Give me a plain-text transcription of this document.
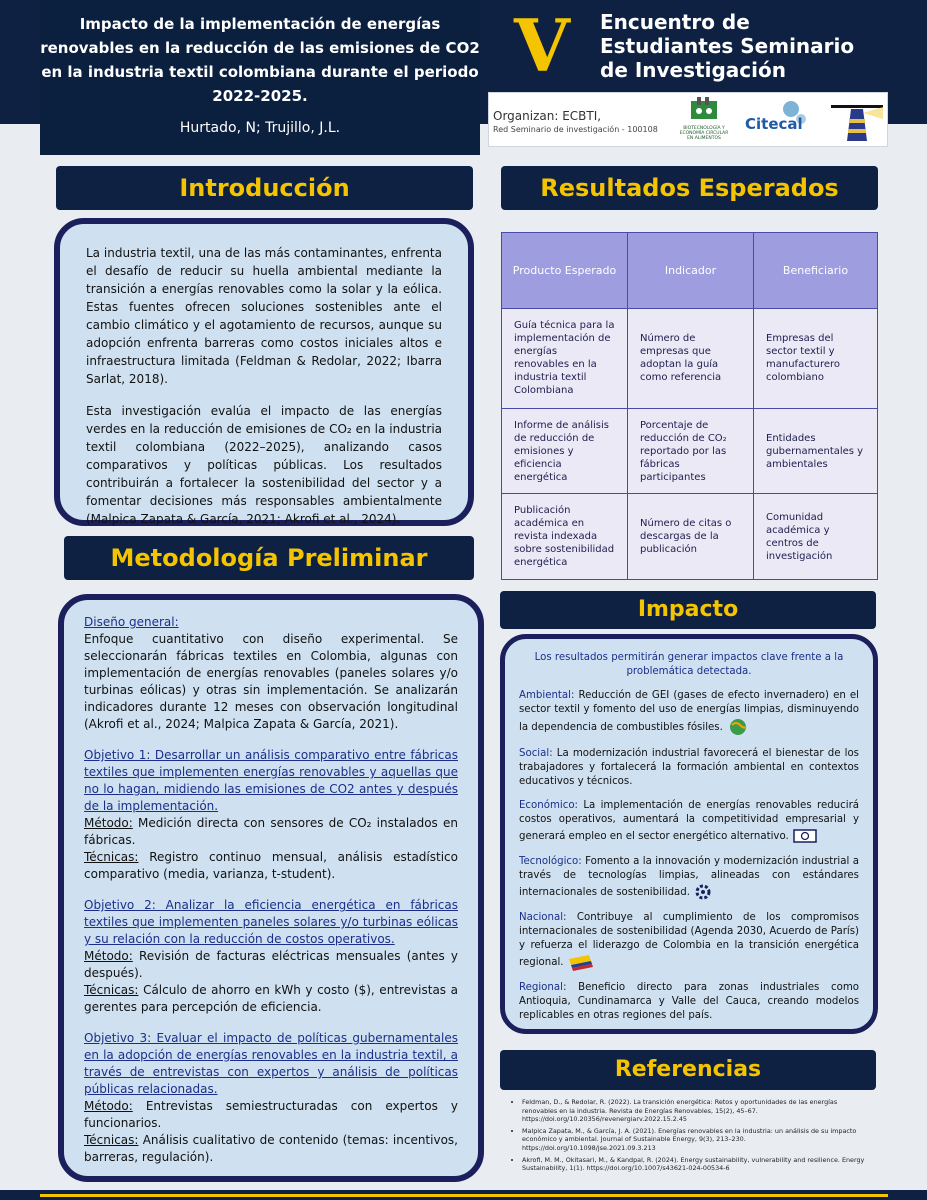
Impacto de la implementación de energías renovables en la reducción de las emisiones de CO2 en la industria textil colombiana durante el periodo 2022-2025.
Hurtado, N; Trujillo, J.L.
V Encuentro de
Estudiantes Seminario
de Investigación
Organizan: ECBTI,
Red Seminario de investigación - 100108	BIOTECNOLOGÍA Y
ECONOMÍA CIRCULAR
EN ALIMENTOS
Citecal
Introducción

La industria textil, una de las más contaminantes, enfrenta el desafío de reducir su huella ambiental mediante la transición a energías renovables como la solar y la eólica. Estas fuentes ofrecen soluciones sostenibles ante el cambio climático y el agotamiento de recursos, aunque su adopción enfrenta barreras como costos iniciales altos e infraestructura limitada (Feldman & Redolar, 2022; Ibarra Sarlat, 2018).

Esta investigación evalúa el impacto de las energías verdes en la reducción de emisiones de CO₂ en la industria textil colombiana (2022–2025), analizando casos comparativos y políticas públicas. Los resultados contribuirán a fortalecer la sostenibilidad del sector y a fomentar decisiones más responsables ambientalmente (Malpica Zapata & García, 2021; Akrofi et al., 2024).

Metodología Preliminar
Diseño general:

Enfoque cuantitativo con diseño experimental. Se seleccionarán fábricas textiles en Colombia, algunas con implementación de energías renovables (paneles solares y/o turbinas eólicas) y otras sin implementación. Se analizarán indicadores durante 12 meses con observación longitudinal (Akrofi et al., 2024; Malpica Zapata & García, 2021).

Objetivo 1: Desarrollar un análisis comparativo entre fábricas textiles que implementen energías renovables y aquellas que no lo hagan, midiendo las emisiones de CO2 antes y después de la implementación.
Método: Medición directa con sensores de CO₂ instalados en fábricas.

Técnicas: Registro continuo mensual, análisis estadístico comparativo (media, varianza, t-student).

Objetivo 2: Analizar la eficiencia energética en fábricas textiles que implementen paneles solares y/o turbinas eólicas y su relación con la reducción de costos operativos.
Método: Revisión de facturas eléctricas mensuales (antes y después).

Técnicas: Cálculo de ahorro en kWh y costo ($), entrevistas a gerentes para percepción de eficiencia.

Objetivo 3: Evaluar el impacto de políticas gubernamentales en la adopción de energías renovables en la industria textil, a través de entrevistas con expertos y análisis de políticas públicas relacionadas.
Método: Entrevistas semiestructuradas con expertos y funcionarios.
Técnicas: Análisis cualitativo de contenido (temas: incentivos, barreras, regulación).
Resultados Esperados
Producto Esperado	Indicador	Beneficiario
Guía técnica para la implementación de energías renovables en la industria textil Colombiana	Número de empresas que adoptan la guía como referencia	Empresas del sector textil y manufacturero colombiano
Informe de análisis de reducción de emisiones y eficiencia energética	Porcentaje de reducción de CO₂ reportado por las fábricas participantes	Entidades gubernamentales y ambientales
Publicación académica en revista indexada sobre sostenibilidad energética	Número de citas o descargas de la publicación	Comunidad académica y centros de investigación
Impacto
Los resultados permitirán generar impactos clave frente a la problemática detectada.

Ambiental: Reducción de GEI (gases de efecto invernadero) en el sector textil y fomento del uso de energías limpias, disminuyendo la dependencia de combustibles fósiles.

Social: La modernización industrial favorecerá el bienestar de los trabajadores y fortalecerá la formación ambiental en contextos educativos y técnicos.

Económico: La implementación de energías renovables reducirá costos operativos, aumentará la competitividad empresarial y generará empleo en el sector energético alternativo.

Tecnológico: Fomento a la innovación y modernización industrial a través de tecnologías limpias, alineadas con estándares internacionales de sostenibilidad.

Nacional: Contribuye al cumplimiento de los compromisos internacionales de sostenibilidad (Agenda 2030, Acuerdo de París) y refuerza el liderazgo de Colombia en la transición energética regional.

Regional: Beneficio directo para zonas industriales como Antioquia, Cundinamarca y Valle del Cauca, creando modelos replicables en otras regiones del país.

Referencias
• Feldman, D., & Redolar, R. (2022). La transición energética: Retos y oportunidades de las energías renovables en la industria. Revista de Energías Renovables, 15(2), 45–67. https://doi.org/10.20356/revenergiarv.2022.15.2.45
• Malpica Zapata, M., & García, J. A. (2021). Energías renovables en la industria: un análisis de su impacto económico y ambiental. Journal of Sustainable Energy, 9(3), 213–230. https://doi.org/10.1098/jse.2021.09.3.213
• Akrofi, M. M., Okitasari, M., & Kandpal, R. (2024). Energy sustainability, vulnerability and resilience. Energy Sustainability, 1(1). https://doi.org/10.1007/s43621-024-00534-6
